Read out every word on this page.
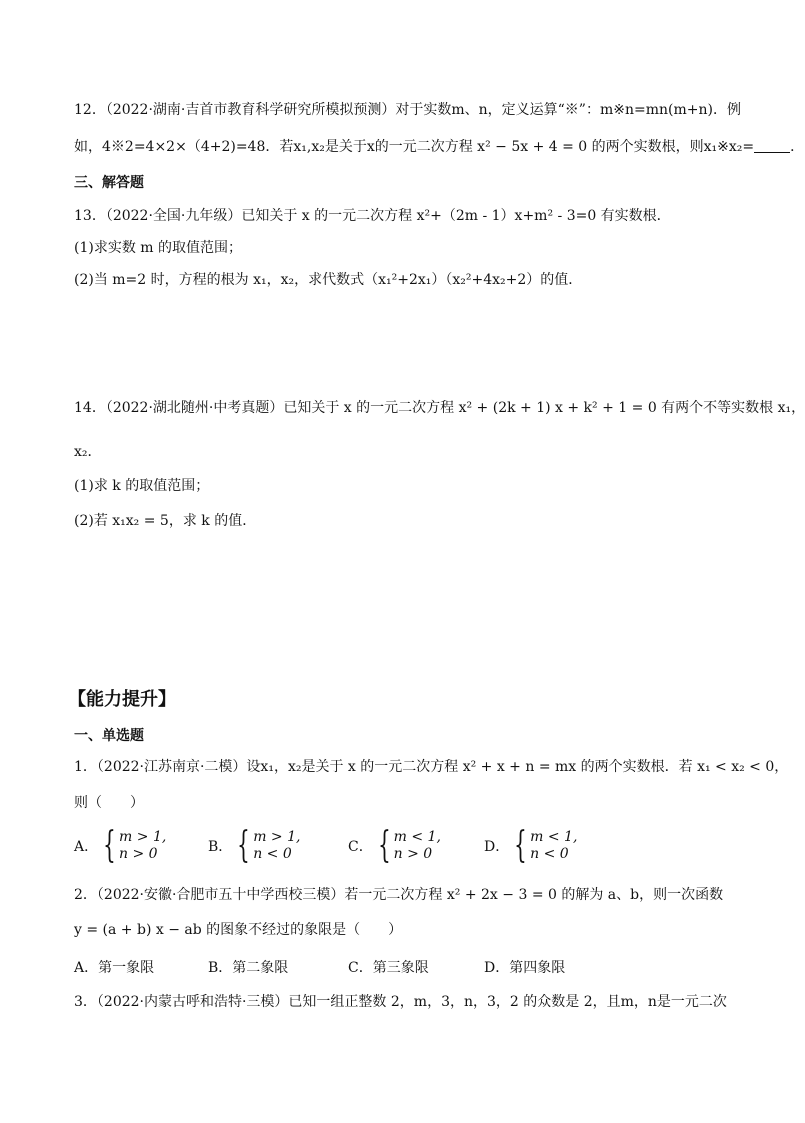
12．（2022·湖南·吉首市教育科学研究所模拟预测）对于实数m、n，定义运算“※”：m※n=mn(m+n)．例
如，4※2=4×2×（4+2)=48．若x₁,x₂是关于x的一元二次方程 x² − 5x + 4 = 0 的两个实数根，则x₁※x₂=	．
三、解答题
13．（2022·全国·九年级）已知关于 x 的一元二次方程 x²+（2m - 1）x+m² - 3=0 有实数根．
(1)求实数 m 的取值范围；
(2)当 m=2 时，方程的根为 x₁，x₂，求代数式（x₁²+2x₁）（x₂²+4x₂+2）的值．
14．（2022·湖北随州·中考真题）已知关于 x 的一元二次方程 x² + (2k + 1) x + k² + 1 = 0 有两个不等实数根 x₁，
x₂．
(1)求 k 的取值范围；
(2)若 x₁x₂ = 5，求 k 的值．
【能力提升】
一、单选题
1．（2022·江苏南京·二模）设x₁，x₂是关于 x 的一元二次方程 x² + x + n = mx 的两个实数根．若 x₁ < x₂ < 0，
则（　　）
A． { m > 1,
n > 0	B． { m > 1,
n < 0	C． { m < 1,
n > 0	D． { m < 1,
n < 0
2．（2022·安徽·合肥市五十中学西校三模）若一元二次方程 x² + 2x − 3 = 0 的解为 a、b，则一次函数
y = (a + b) x − ab 的图象不经过的象限是（　　）
A．第一象限	B．第二象限	C．第三象限	D．第四象限
3．（2022·内蒙古呼和浩特·三模）已知一组正整数 2，m，3，n，3，2 的众数是 2，且m，n是一元二次
